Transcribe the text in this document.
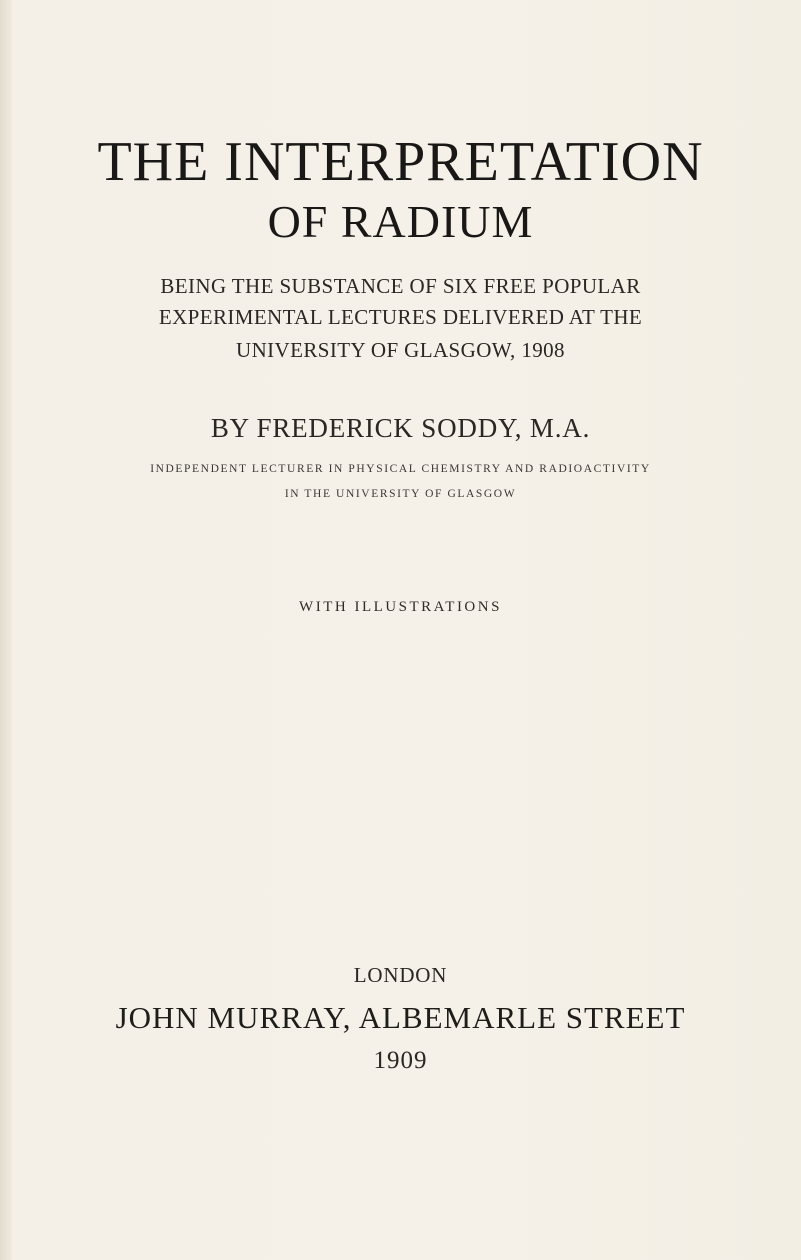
THE INTERPRETATION
OF RADIUM
BEING THE SUBSTANCE OF SIX FREE POPULAR
EXPERIMENTAL LECTURES DELIVERED AT THE
UNIVERSITY OF GLASGOW, 1908
BY FREDERICK SODDY, M.A.
INDEPENDENT LECTURER IN PHYSICAL CHEMISTRY AND RADIOACTIVITY
IN THE UNIVERSITY OF GLASGOW
WITH ILLUSTRATIONS
LONDON
JOHN MURRAY, ALBEMARLE STREET
1909
